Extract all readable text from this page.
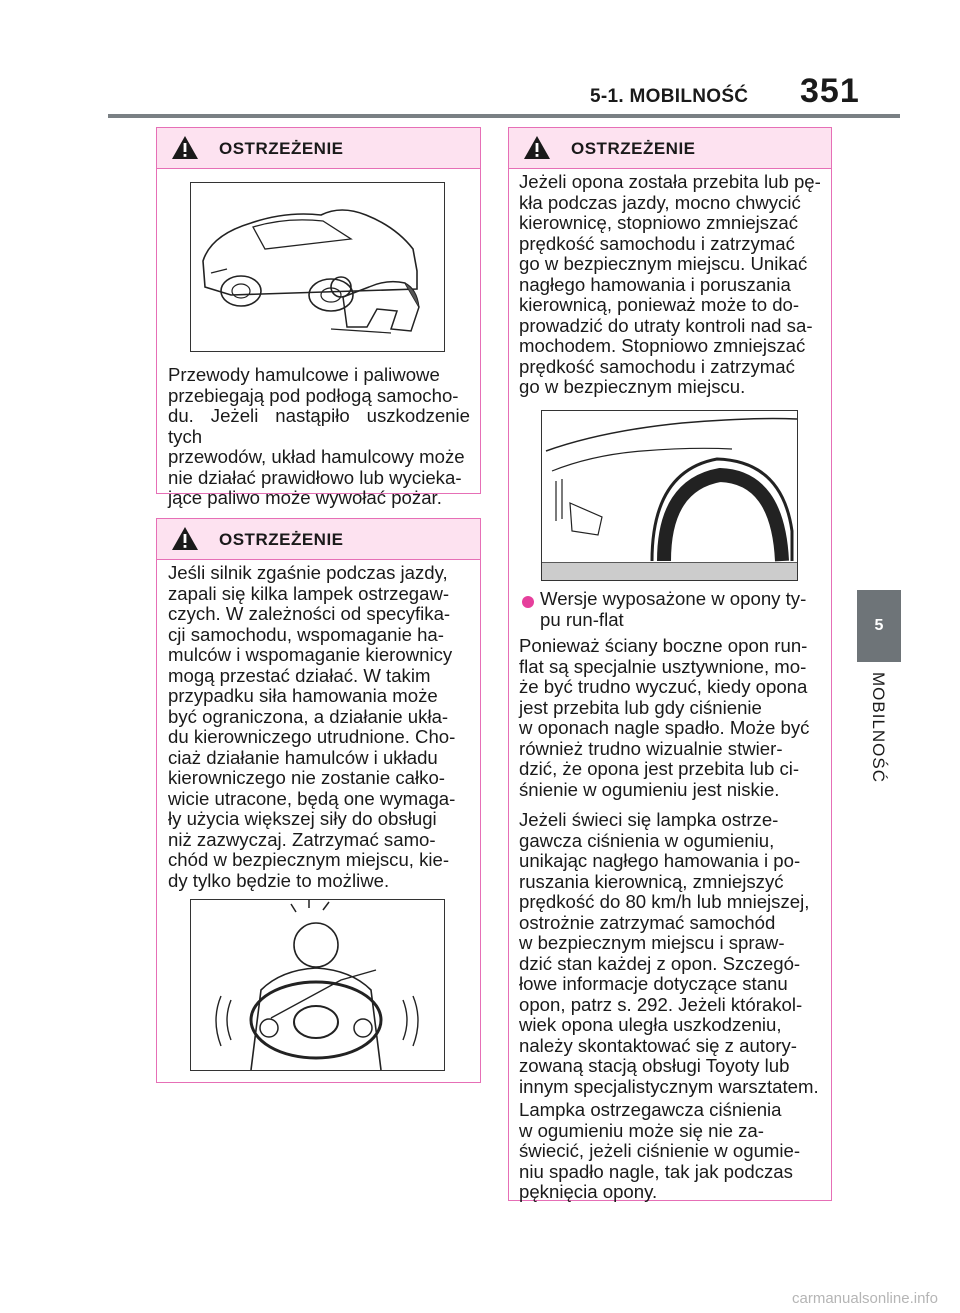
5-1. MOBILNOŚĆ 351
OSTRZEŻENIE

Przewody hamulcowe i paliwowe
przebiegają pod podłogą samocho-
du. Jeżeli nastąpiło uszkodzenie tych
przewodów, układ hamulcowy może
nie działać prawidłowo lub wycieka-
jące paliwo może wywołać pożar.

OSTRZEŻENIE

Jeśli silnik zgaśnie podczas jazdy,
zapali się kilka lampek ostrzegaw-
czych. W zależności od specyfika-
cji samochodu, wspomaganie ha-
mulców i wspomaganie kierownicy
mogą przestać działać. W takim
przypadku siła hamowania może
być ograniczona, a działanie ukła-
du kierowniczego utrudnione. Cho-
ciaż działanie hamulców i układu
kierowniczego nie zostanie całko-
wicie utracone, będą one wymaga-
ły użycia większej siły do obsługi
niż zazwyczaj. Zatrzymać samo-
chód w bezpiecznym miejscu, kie-
dy tylko będzie to możliwe.

OSTRZEŻENIE

Jeżeli opona została przebita lub pę-
kła podczas jazdy, mocno chwycić
kierownicę, stopniowo zmniejszać
prędkość samochodu i zatrzymać
go w bezpiecznym miejscu. Unikać
nagłego hamowania i poruszania
kierownicą, ponieważ może to do-
prowadzić do utraty kontroli nad sa-
mochodem. Stopniowo zmniejszać
prędkość samochodu i zatrzymać
go w bezpiecznym miejscu.

Wersje wyposażone w opony ty-
pu run-flat

Ponieważ ściany boczne opon run-
flat są specjalnie usztywnione, mo-
że być trudno wyczuć, kiedy opona
jest przebita lub gdy ciśnienie
w oponach nagle spadło. Może być
również trudno wizualnie stwier-
dzić, że opona jest przebita lub ci-
śnienie w ogumieniu jest niskie.

Jeżeli świeci się lampka ostrze-
gawcza ciśnienia w ogumieniu,
unikając nagłego hamowania i po-
ruszania kierownicą, zmniejszyć
prędkość do 80 km/h lub mniejszej,
ostrożnie zatrzymać samochód
w bezpiecznym miejscu i spraw-
dzić stan każdej z opon. Szczegó-
łowe informacje dotyczące stanu
opon, patrz s. 292. Jeżeli którakol-
wiek opona uległa uszkodzeniu,
należy skontaktować się z autory-
zowaną stacją obsługi Toyoty lub
innym specjalistycznym warsztatem.

Lampka ostrzegawcza ciśnienia
w ogumieniu może się nie za-
świecić, jeżeli ciśnienie w ogumie-
niu spadło nagle, tak jak podczas
pęknięcia opony.

5
MOBILNOŚĆ
carmanualsonline.info
